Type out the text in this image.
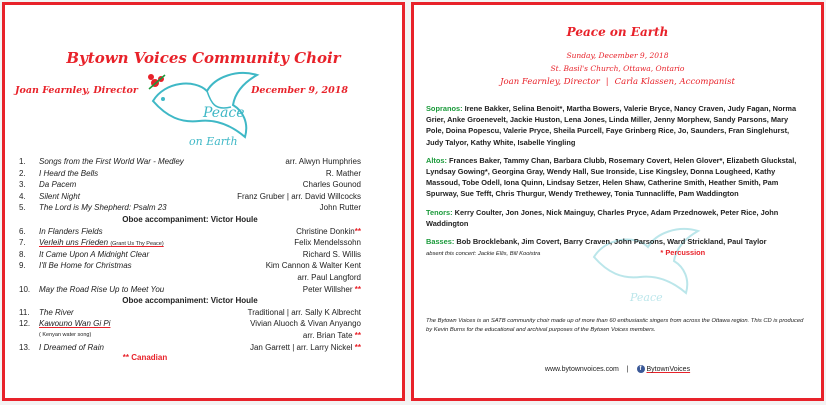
Bytown Voices Community Choir
Peace
on Earth
Joan Fearnley, Director	December 9, 2018
1.	Songs from the First World War - Medley	arr. Alwyn Humphries
2.	I Heard the Bells	R. Mather
3.	Da Pacem	Charles Gounod
4.	Silent Night	Franz Gruber | arr. David Willcocks
5.	The Lord is My Shepherd: Psalm 23	John Rutter
Oboe accompaniment: Victor Houle
6.	In Flanders Fields	Christine Donkin**
7.	Verleih uns Frieden (Grant Us Thy Peace)	Felix Mendelssohn
8.	It Came Upon A Midnight Clear	Richard S. Willis
9.	I'll Be Home for Christmas	Kim Cannon & Walter Kent
arr. Paul Langford
10.	May the Road Rise Up to Meet You	Peter Willsher **
Oboe accompaniment: Victor Houle
11.	The River	Traditional | arr. Sally K Albrecht
12.	Kawouno Wan Gi Pi	Vivian Aluoch & Vivan Anyango
( Kenyan water song)	arr. Brian Tate **
13.	I Dreamed of Rain	Jan Garrett | arr. Larry Nickel **
** Canadian
Peace on Earth
Sunday, December 9, 2018
St. Basil's Church, Ottawa, Ontario
Joan Fearnley, Director | Carla Klassen, Accompanist
Peace
Sopranos: Irene Bakker, Selina Benoit*, Martha Bowers, Valerie Bryce, Nancy Craven, Judy Fagan, Norma Grier, Anke Groenevelt, Jackie Huston, Lena Jones, Linda Miller, Jenny Morphew, Sandy Parsons, Mary Pole, Doina Popescu, Valerie Pryce, Sheila Purcell, Faye Grinberg Rice, Jo, Saunders, Fran Singlehurst, Judy Talyor, Kathy White, Isabelle Yingling
Altos: Frances Baker, Tammy Chan, Barbara Clubb, Rosemary Covert, Helen Glover*, Elizabeth Gluckstal, Lyndsay Gowing*, Georgina Gray, Wendy Hall, Sue Ironside, Lise Kingsley, Donna Lougheed, Kathy Massoud, Tobe Odell, Iona Quinn, Lindsay Setzer, Helen Shaw, Catherine Smith, Heather Smith, Pam Spurway, Sue Tefft, Chris Thurgur, Wendy Trethewey, Tonia Tunnacliffe, Pam Waddington
Tenors: Kerry Coulter, Jon Jones, Nick Mainguy, Charles Pryce, Adam Przednowek, Peter Rice, John Waddington
Basses: Bob Brocklebank, Jim Covert, Barry Craven, John Parsons, Ward Strickland, Paul Taylor
absent this concert: Jackie Ellis, Bill Kooistra	* Percussion
The Bytown Voices is an SATB community choir made up of more than 60 enthusiastic singers from across the Ottawa region. This CD is produced by Kevin Burns for the educational and archival purposes of the Bytown Voices members.
www.bytownvoices.com | f BytownVoices
